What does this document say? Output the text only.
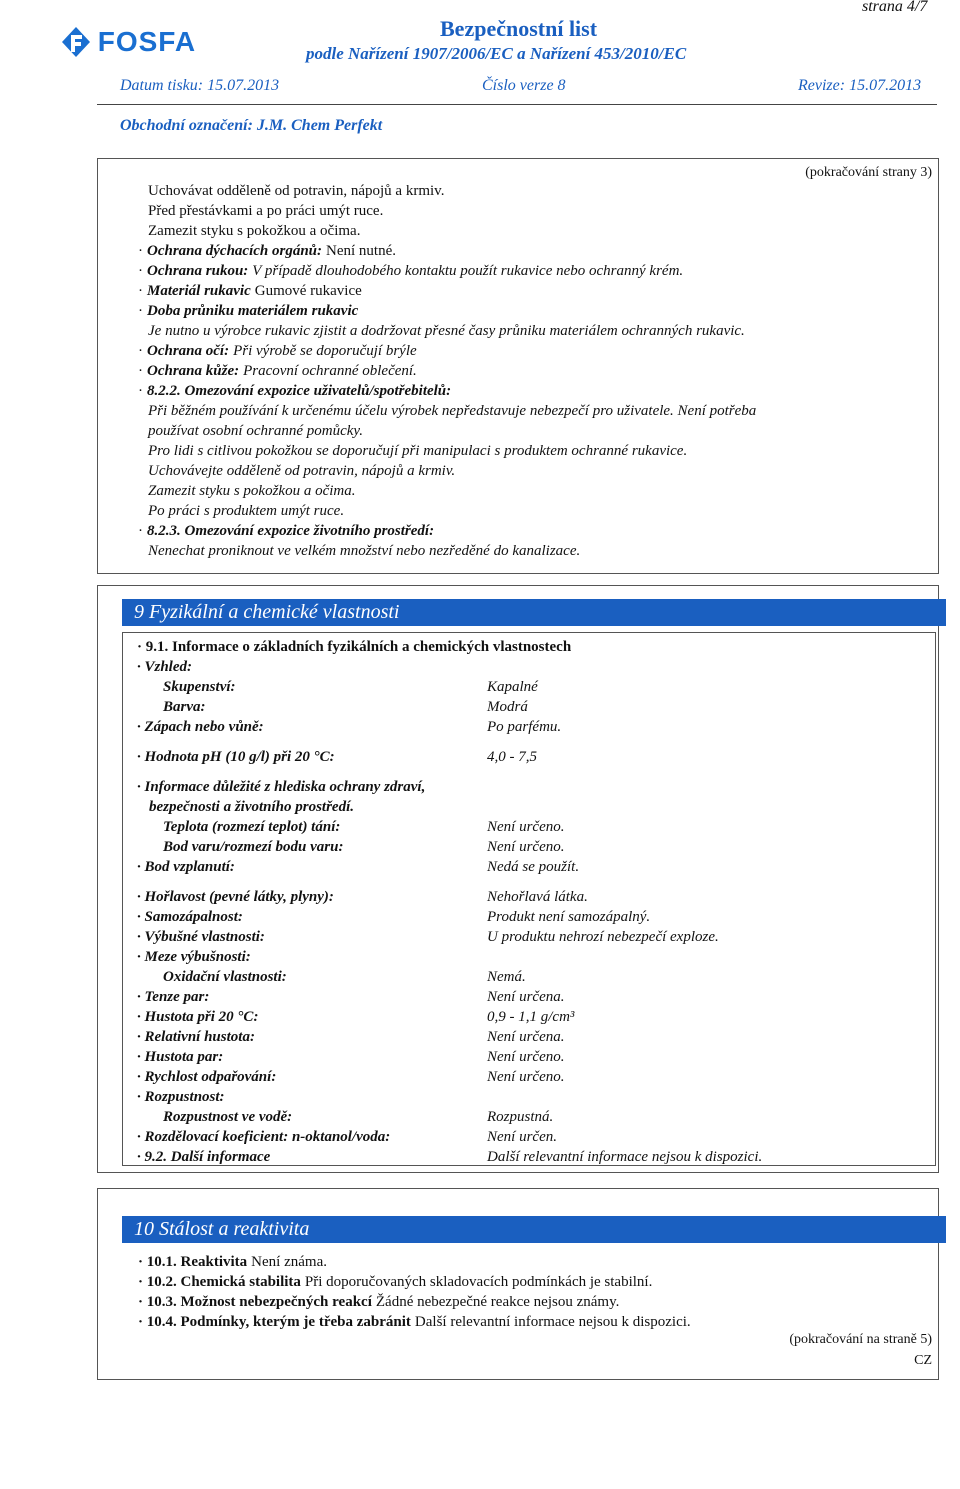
FOSFA	Bezpečnostní list
podle Nařízení 1907/2006/EC a Nařízení 453/2010/EC
strana 4/7
Datum tisku: 15.07.2013	Číslo verze 8	Revize: 15.07.2013
Obchodní označení: J.M. Chem Perfekt
(pokračování strany 3)
Uchovávat odděleně od potravin, nápojů a krmiv.
Před přestávkami a po práci umýt ruce.
Zamezit styku s pokožkou a očima.
· Ochrana dýchacích orgánů: Není nutné.
· Ochrana rukou: V případě dlouhodobého kontaktu použít rukavice nebo ochranný krém.
· Materiál rukavic Gumové rukavice
· Doba průniku materiálem rukavic
Je nutno u výrobce rukavic zjistit a dodržovat přesné časy průniku materiálem ochranných rukavic.
· Ochrana očí: Při výrobě se doporučují brýle
· Ochrana kůže: Pracovní ochranné oblečení.
· 8.2.2. Omezování expozice uživatelů/spotřebitelů:
Při běžném používání k určenému účelu výrobek nepředstavuje nebezpečí pro uživatele. Není potřeba
používat osobní ochranné pomůcky.
Pro lidi s citlivou pokožkou se doporučují při manipulaci s produktem ochranné rukavice.
Uchovávejte odděleně od potravin, nápojů a krmiv.
Zamezit styku s pokožkou a očima.
Po práci s produktem umýt ruce.
· 8.2.3. Omezování expozice životního prostředí:
Nenechat proniknout ve velkém množství nebo nezředěné do kanalizace.
9 Fyzikální a chemické vlastnosti
· 9.1. Informace o základních fyzikálních a chemických vlastnostech
· Vzhled:
Skupenství:	Kapalné
Barva:	Modrá
· Zápach nebo vůně:	Po parfému.
· Hodnota pH (10 g/l) při 20 °C:	4,0 - 7,5
· Informace důležité z hlediska ochrany zdraví,
bezpečnosti a životního prostředí.
Teplota (rozmezí teplot) tání:	Není určeno.
Bod varu/rozmezí bodu varu:	Není určeno.
· Bod vzplanutí:	Nedá se použít.
· Hořlavost (pevné látky, plyny):	Nehořlavá látka.
· Samozápalnost:	Produkt není samozápalný.
· Výbušné vlastnosti:	U produktu nehrozí nebezpečí exploze.
· Meze výbušnosti:
Oxidační vlastnosti:	Nemá.
· Tenze par:	Není určena.
· Hustota při 20 °C:	0,9 - 1,1 g/cm³
· Relativní hustota:	Není určena.
· Hustota par:	Není určeno.
· Rychlost odpařování:	Není určeno.
· Rozpustnost:
Rozpustnost ve vodě:	Rozpustná.
· Rozdělovací koeficient: n-oktanol/voda:	Není určen.
· 9.2. Další informace	Další relevantní informace nejsou k dispozici.
10 Stálost a reaktivita
· 10.1. Reaktivita Není známa.
· 10.2. Chemická stabilita Při doporučovaných skladovacích podmínkách je stabilní.
· 10.3. Možnost nebezpečných reakcí Žádné nebezpečné reakce nejsou známy.
· 10.4. Podmínky, kterým je třeba zabránit Další relevantní informace nejsou k dispozici.
(pokračování na straně 5)
CZ
